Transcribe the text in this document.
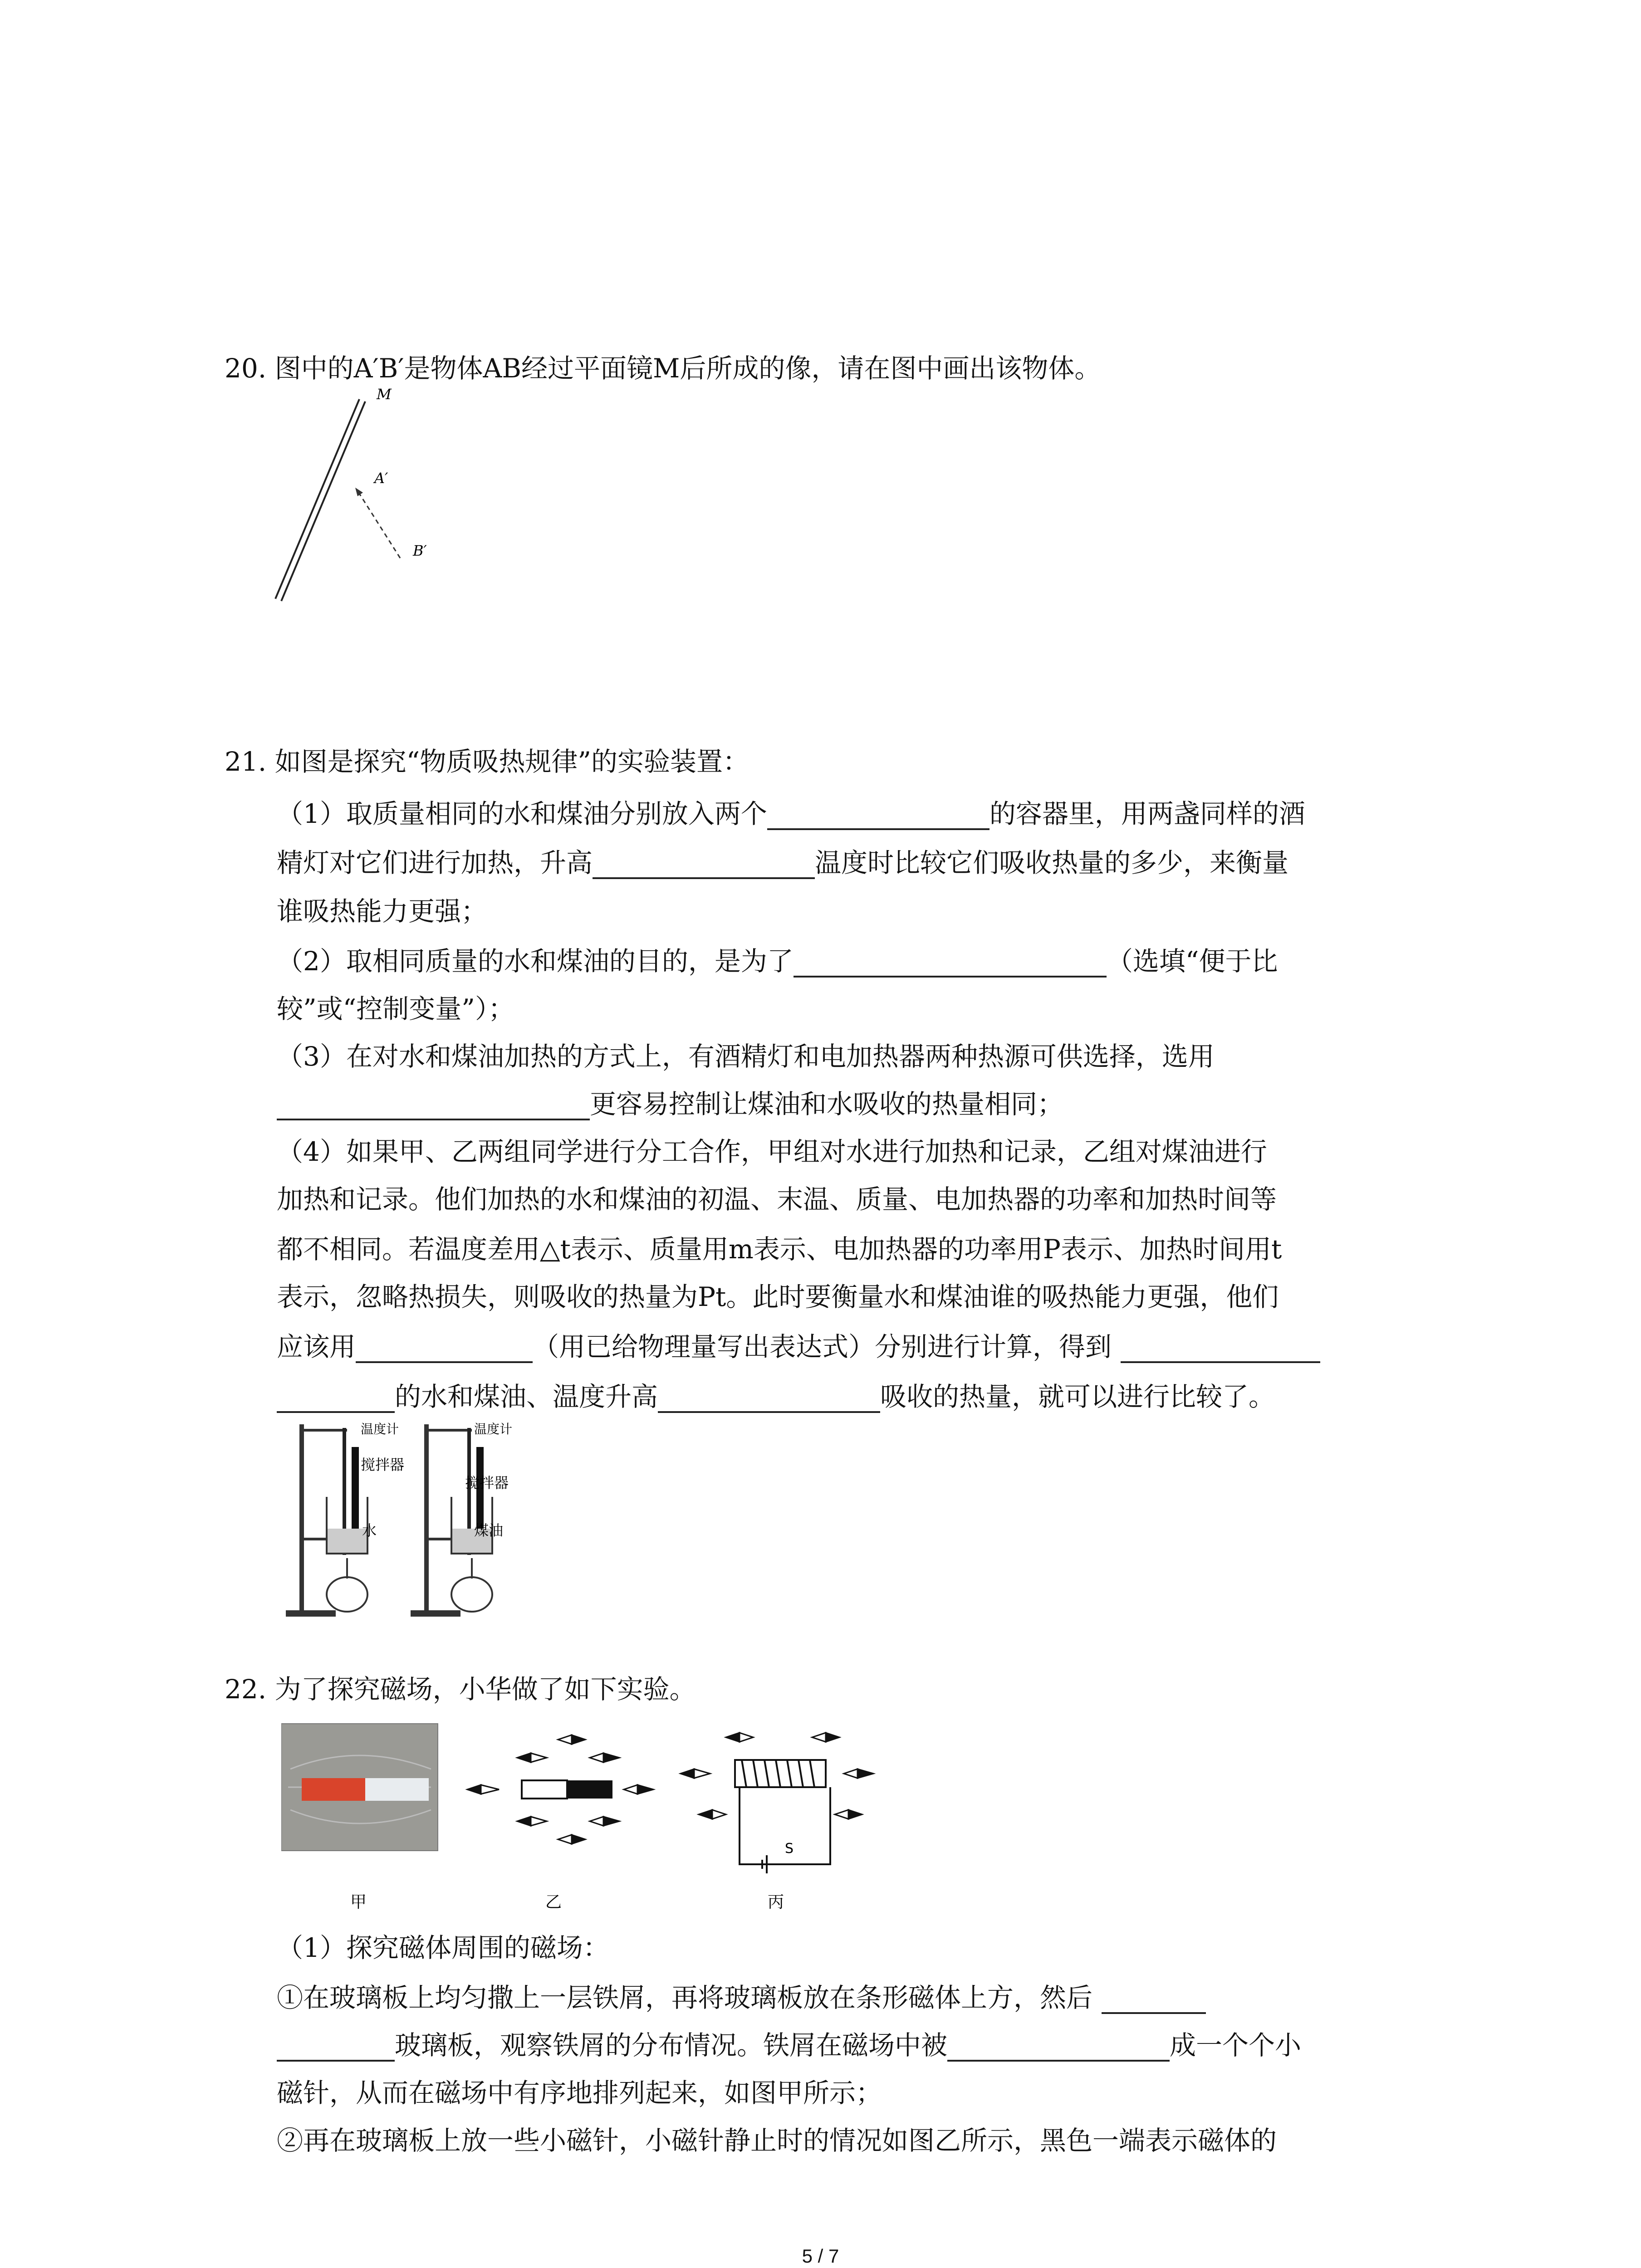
20. 图中的A′B′是物体AB经过平面镜M后所成的像，请在图中画出该物体。
M
A′
B′
21. 如图是探究“物质吸热规律”的实验装置：
（1）取质量相同的水和煤油分别放入两个	的容器里，用两盏同样的酒
精灯对它们进行加热，升高	温度时比较它们吸收热量的多少，来衡量
谁吸热能力更强；
（2）取相同质量的水和煤油的目的，是为了	（选填“便于比
较”或“控制变量”）；
（3）在对水和煤油加热的方式上，有酒精灯和电加热器两种热源可供选择，选用
更容易控制让煤油和水吸收的热量相同；
（4）如果甲、乙两组同学进行分工合作，甲组对水进行加热和记录，乙组对煤油进行
加热和记录。他们加热的水和煤油的初温、末温、质量、电加热器的功率和加热时间等
都不相同。若温度差用△t表示、质量用m表示、电加热器的功率用P表示、加热时间用t
表示，忽略热损失，则吸收的热量为Pt。此时要衡量水和煤油谁的吸热能力更强，他们
应该用	（用已给物理量写出表达式）分别进行计算，得到
的水和煤油、温度升高	吸收的热量，就可以进行比较了。
温度计
搅拌器
水
温度计
搅拌器
煤油
22. 为了探究磁场，小华做了如下实验。
S
甲	乙	丙
（1）探究磁体周围的磁场：
①在玻璃板上均匀撒上一层铁屑，再将玻璃板放在条形磁体上方，然后
玻璃板，观察铁屑的分布情况。铁屑在磁场中被	成一个个小
磁针，从而在磁场中有序地排列起来，如图甲所示；
②再在玻璃板上放一些小磁针，小磁针静止时的情况如图乙所示，黑色一端表示磁体的
5 / 7
